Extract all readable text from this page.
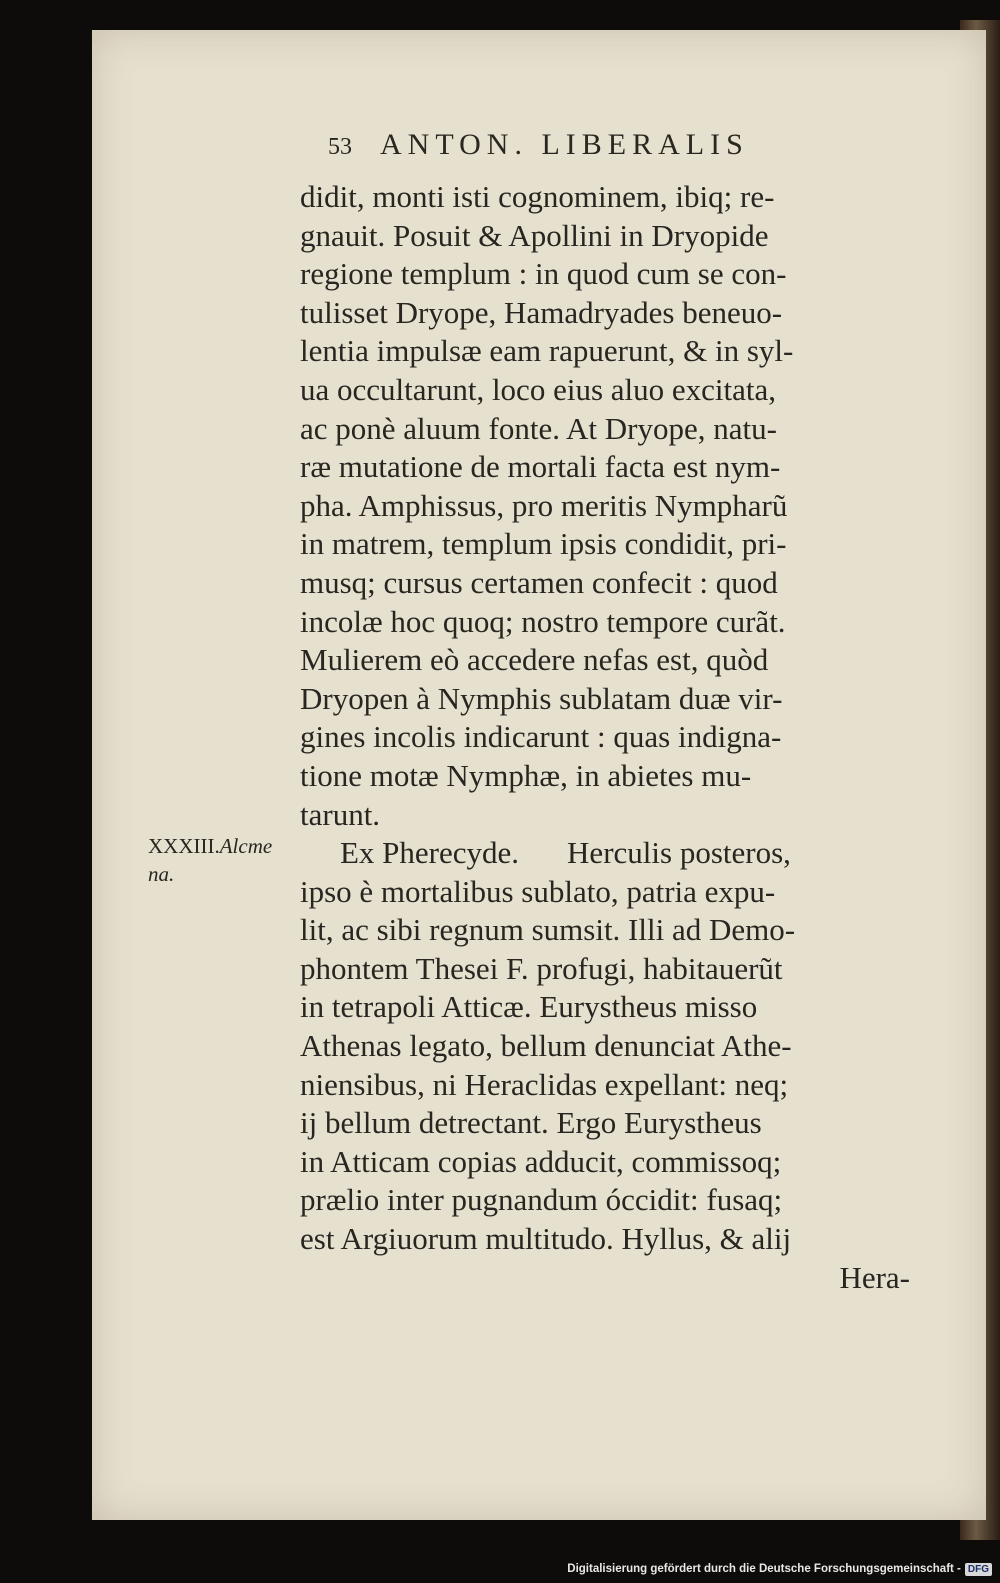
53 ANTON. LIBERALIS
didit, monti isti cognominem, ibiq; re-
gnauit. Posuit & Apollini in Dryopide
regione templum : in quod cum se con-
tulisset Dryope, Hamadryades beneuo-
lentia impulsæ eam rapuerunt, & in syl-
ua occultarunt, loco eius aluo excitata,
ac ponè aluum fonte. At Dryope, natu-
ræ mutatione de mortali facta est nym-
pha. Amphissus, pro meritis Nympharũ
in matrem, templum ipsis condidit, pri-
musq; cursus certamen confecit : quod
incolæ hoc quoq; nostro tempore curãt.
Mulierem eò accedere nefas est, quòd
Dryopen à Nymphis sublatam duæ vir-
gines incolis indicarunt : quas indigna-
tione motæ Nymphæ, in abietes mu-
tarunt.
Ex Pherecyde. Herculis posteros,
ipso è mortalibus sublato, patria expu-
lit, ac sibi regnum sumsit. Illi ad Demo-
phontem Thesei F. profugi, habitauerũt
in tetrapoli Atticæ. Eurystheus misso
Athenas legato, bellum denunciat Athe-
niensibus, ni Heraclidas expellant: neq;
ij bellum detrectant. Ergo Eurystheus
in Atticam copias adducit, commissoq;
prælio inter pugnandum óccidit: fusaq;
est Argiuorum multitudo. Hyllus, & alij
Hera-
XXXIII.Alcme
na.
Digitalisierung gefördert durch die Deutsche Forschungsgemeinschaft - DFG
